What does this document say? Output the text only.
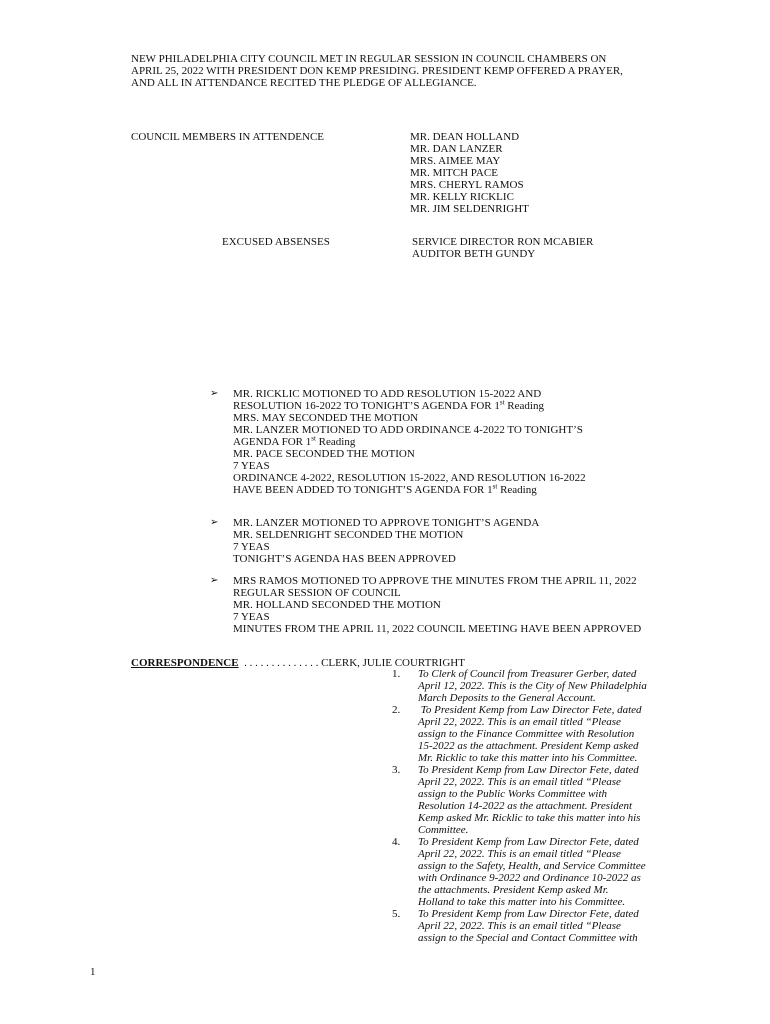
NEW PHILADELPHIA CITY COUNCIL MET IN REGULAR SESSION IN COUNCIL CHAMBERS ON
APRIL 25, 2022 WITH PRESIDENT DON KEMP PRESIDING. PRESIDENT KEMP OFFERED A PRAYER,
AND ALL IN ATTENDANCE RECITED THE PLEDGE OF ALLEGIANCE.
COUNCIL MEMBERS IN ATTENDENCE	MR. DEAN HOLLAND
MR. DAN LANZER
MRS. AIMEE MAY
MR. MITCH PACE
MRS. CHERYL RAMOS
MR. KELLY RICKLIC
MR. JIM SELDENRIGHT
EXCUSED ABSENSES	SERVICE DIRECTOR RON MCABIER
AUDITOR BETH GUNDY
➢ MR. RICKLIC MOTIONED TO ADD RESOLUTION 15-2022 AND
RESOLUTION 16-2022 TO TONIGHT’S AGENDA FOR 1st Reading
MRS. MAY SECONDED THE MOTION
MR. LANZER MOTIONED TO ADD ORDINANCE 4-2022 TO TONIGHT’S
AGENDA FOR 1st Reading
MR. PACE SECONDED THE MOTION
7 YEAS
ORDINANCE 4-2022, RESOLUTION 15-2022, AND RESOLUTION 16-2022
HAVE BEEN ADDED TO TONIGHT’S AGENDA FOR 1st Reading
➢ MR. LANZER MOTIONED TO APPROVE TONIGHT’S AGENDA
MR. SELDENRIGHT SECONDED THE MOTION
7 YEAS
TONIGHT’S AGENDA HAS BEEN APPROVED
➢ MRS RAMOS MOTIONED TO APPROVE THE MINUTES FROM THE APRIL 11, 2022
REGULAR SESSION OF COUNCIL
MR. HOLLAND SECONDED THE MOTION
7 YEAS
MINUTES FROM THE APRIL 11, 2022 COUNCIL MEETING HAVE BEEN APPROVED
CORRESPONDENCE  . . . . . . . . . . . . . . CLERK, JULIE COURTRIGHT
1. To Clerk of Council from Treasurer Gerber, dated
April 12, 2022. This is the City of New Philadelphia
March Deposits to the General Account.
2. To President Kemp from Law Director Fete, dated
April 22, 2022. This is an email titled “Please
assign to the Finance Committee with Resolution
15-2022 as the attachment. President Kemp asked
Mr. Ricklic to take this matter into his Committee.
3. To President Kemp from Law Director Fete, dated
April 22, 2022. This is an email titled “Please
assign to the Public Works Committee with
Resolution 14-2022 as the attachment. President
Kemp asked Mr. Ricklic to take this matter into his
Committee.
4. To President Kemp from Law Director Fete, dated
April 22, 2022. This is an email titled “Please
assign to the Safety, Health, and Service Committee
with Ordinance 9-2022 and Ordinance 10-2022 as
the attachments. President Kemp asked Mr.
Holland to take this matter into his Committee.
5. To President Kemp from Law Director Fete, dated
April 22, 2022. This is an email titled “Please
assign to the Special and Contact Committee with
1
